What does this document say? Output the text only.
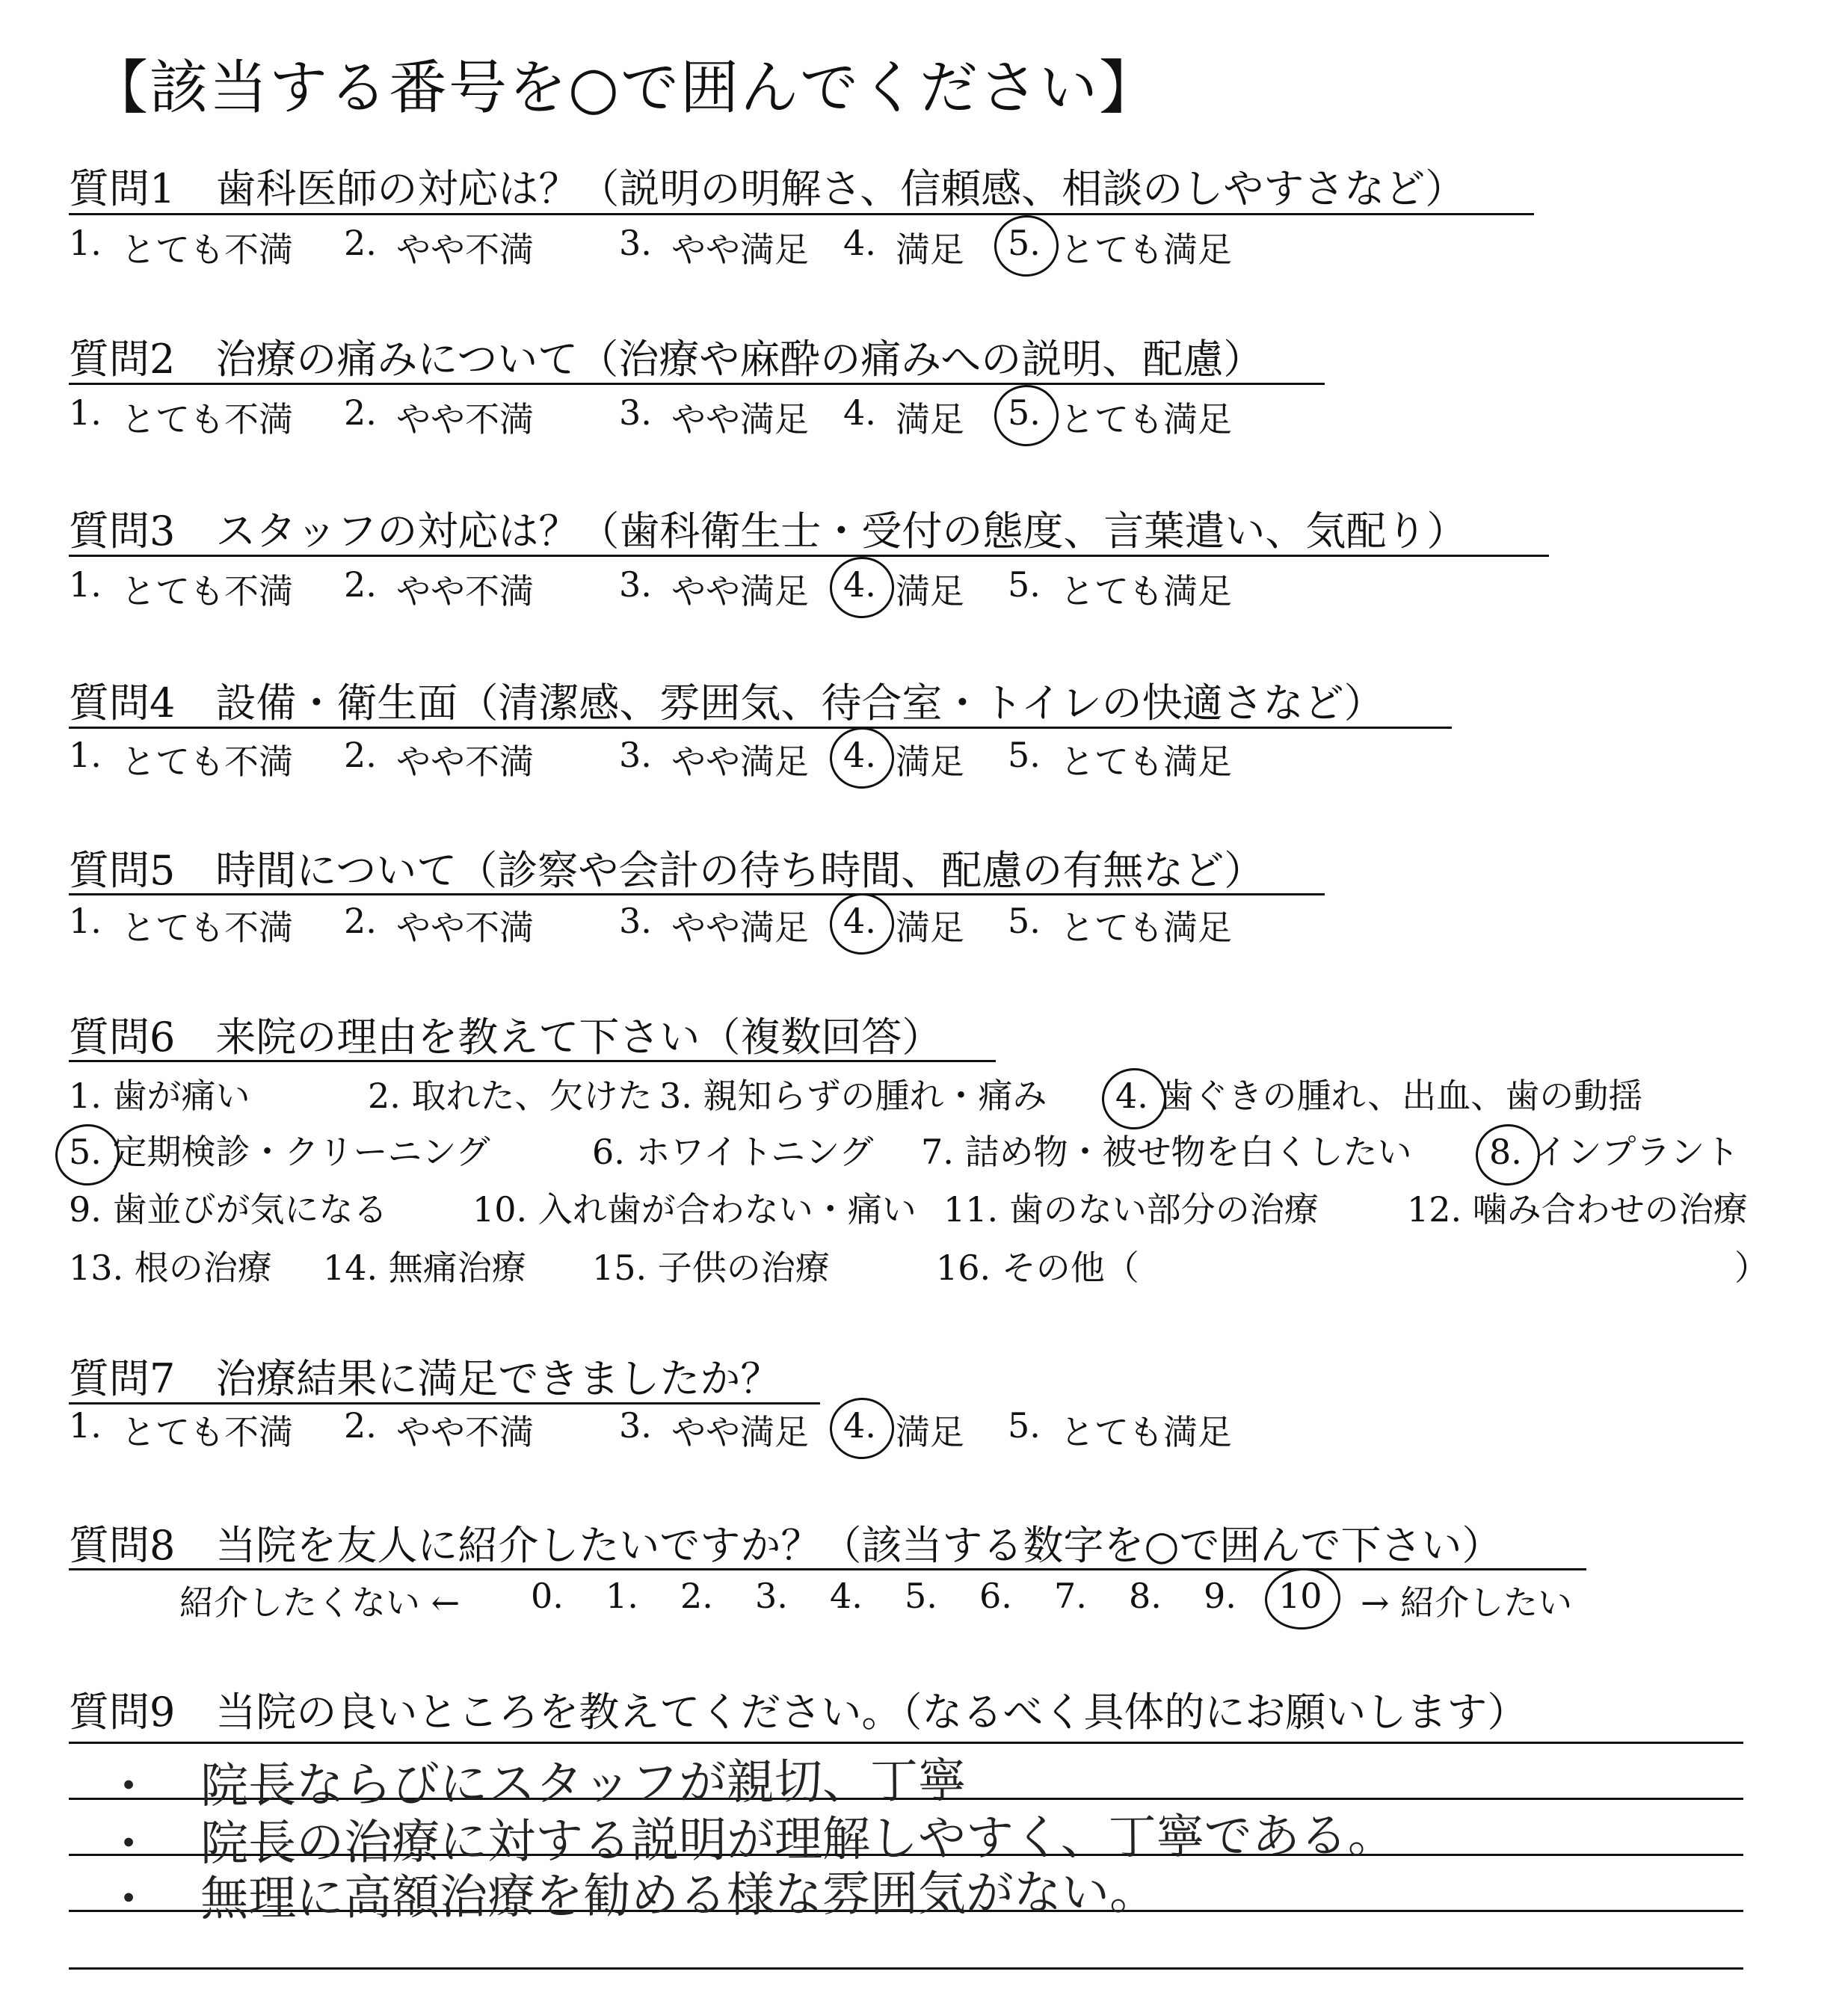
【該当する番号を○で囲んでください】
質問1　歯科医師の対応は？（説明の明解さ、信頼感、相談のしやすさなど）
1. とても不満 2. やや不満 3. やや満足 4. 満足 5. とても満足
質問2　治療の痛みについて（治療や麻酔の痛みへの説明、配慮）
1. とても不満 2. やや不満 3. やや満足 4. 満足 5. とても満足
質問3　スタッフの対応は？（歯科衛生士・受付の態度、言葉遣い、気配り）
1. とても不満 2. やや不満 3. やや満足 4. 満足 5. とても満足
質問4　設備・衛生面（清潔感、雰囲気、待合室・トイレの快適さなど）
1. とても不満 2. やや不満 3. やや満足 4. 満足 5. とても満足
質問5　時間について（診察や会計の待ち時間、配慮の有無など）
1. とても不満 2. やや不満 3. やや満足 4. 満足 5. とても満足
質問6　来院の理由を教えて下さい（複数回答）
1. 歯が痛い	2. 取れた、欠けた 3. 親知らずの腫れ・痛み 4. 歯ぐきの腫れ、出血、歯の動揺
5. 定期検診・クリーニング	6. ホワイトニング 7. 詰め物・被せ物を白くしたい 8. インプラント
9. 歯並びが気になる 10. 入れ歯が合わない・痛い 11. 歯のない部分の治療	12. 噛み合わせの治療
13. 根の治療 14. 無痛治療 15. 子供の治療	16. その他（	）
質問7　治療結果に満足できましたか？
1. とても不満 2. やや不満 3. やや満足 4. 満足 5. とても満足
質問8　当院を友人に紹介したいですか？（該当する数字を○で囲んで下さい）
紹介したくない ← 0. 1. 2. 3. 4. 5. 6. 7. 8. 9. 10 → 紹介したい
質問9　当院の良いところを教えてください。（なるべく具体的にお願いします）
・　院長ならびにスタッフが親切、丁寧
・　院長の治療に対する説明が理解しやすく、丁寧である。
・　無理に高額治療を勧める様な雰囲気がない。
